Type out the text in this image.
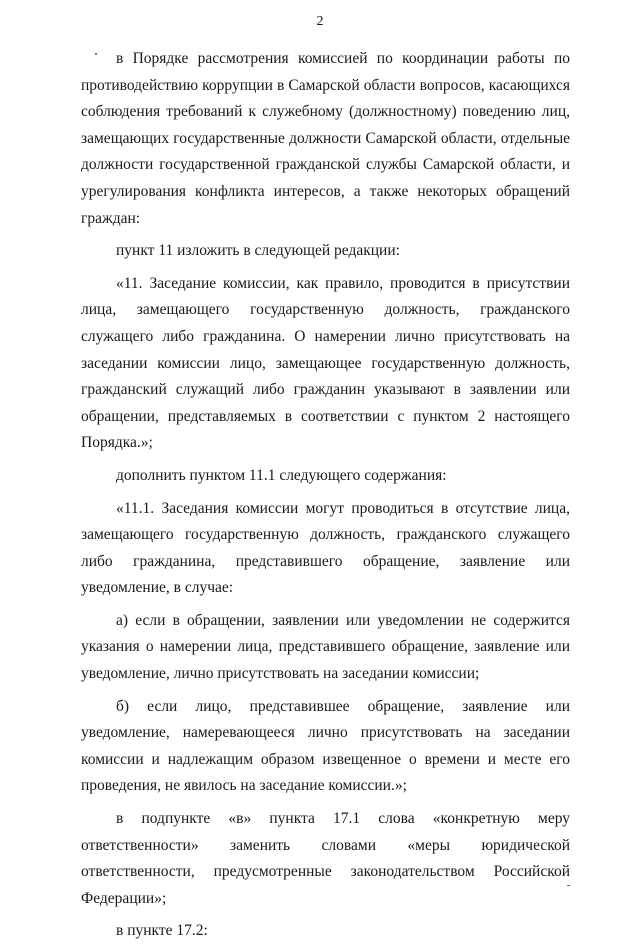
2

в Порядке рассмотрения комиссией по координации работы по противодействию коррупции в Самарской области вопросов, касающихся соблюдения требований к служебному (должностному) поведению лиц, замещающих государственные должности Самарской области, отдельные должности государственной гражданской службы Самарской области, и урегулирования конфликта интересов, а также некоторых обращений граждан:

пункт 11 изложить в следующей редакции:

«11. Заседание комиссии, как правило, проводится в присутствии лица, замещающего государственную должность, гражданского служащего либо гражданина. О намерении лично присутствовать на заседании комиссии лицо, замещающее государственную должность, гражданский служащий либо гражданин указывают в заявлении или обращении, представляемых в соответствии с пунктом 2 настоящего Порядка.»;

дополнить пунктом 11.1 следующего содержания:

«11.1. Заседания комиссии могут проводиться в отсутствие лица, замещающего государственную должность, гражданского служащего либо гражданина, представившего обращение, заявление или уведомление, в случае:

а) если в обращении, заявлении или уведомлении не содержится указания о намерении лица, представившего обращение, заявление или уведомление, лично присутствовать на заседании комиссии;

б) если лицо, представившее обращение, заявление или уведомление, намеревающееся лично присутствовать на заседании комиссии и надлежащим образом извещенное о времени и месте его проведения, не явилось на заседание комиссии.»;

в подпункте «в» пункта 17.1 слова «конкретную меру ответственности» заменить словами «меры юридической ответственности, предусмотренные законодательством Российской Федерации»;

в пункте 17.2:
